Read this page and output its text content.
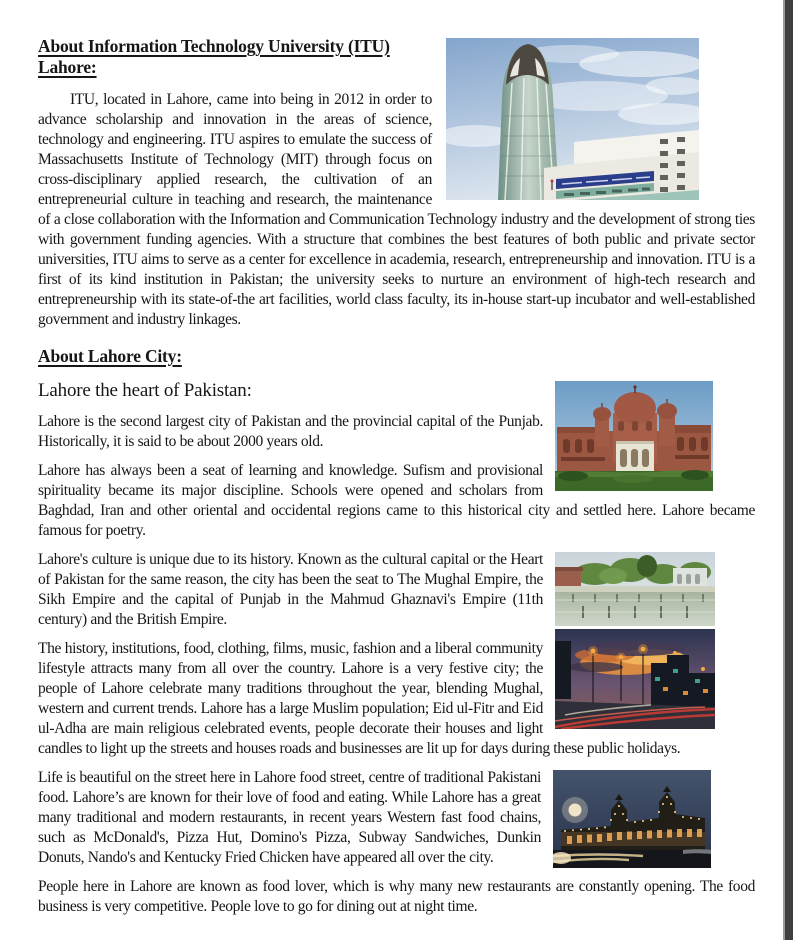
About Information Technology University (ITU) Lahore:

ITU, located in Lahore, came into being in 2012 in order to advance scholarship and innovation in the areas of science, technology and engineering. ITU aspires to emulate the success of Massachusetts Institute of Technology (MIT) through focus on cross-disciplinary applied research, the cultivation of an entrepreneurial culture in teaching and research, the maintenance of a close collaboration with the Information and Communication Technology industry and the development of strong ties with government funding agencies. With a structure that combines the best features of both public and private sector universities, ITU aims to serve as a center for excellence in academia, research, entrepreneurship and innovation. ITU is a first of its kind institution in Pakistan; the university seeks to nurture an environment of high-tech research and entrepreneurship with its state-of-the art facilities, world class faculty, its in-house start-up incubator and well-established government and industry linkages.

About Lahore City:
Lahore the heart of Pakistan:

Lahore is the second largest city of Pakistan and the provincial capital of the Punjab. Historically, it is said to be about 2000 years old.

Lahore has always been a seat of learning and knowledge. Sufism and provisional spirituality became its major discipline. Schools were opened and scholars from Baghdad, Iran and other oriental and occidental regions came to this historical city and settled here. Lahore became famous for poetry.

Lahore's culture is unique due to its history. Known as the cultural capital or the Heart of Pakistan for the same reason, the city has been the seat to The Mughal Empire, the Sikh Empire and the capital of Punjab in the Mahmud Ghaznavi's Empire (11th century) and the British Empire.

The history, institutions, food, clothing, films, music, fashion and a liberal community lifestyle attracts many from all over the country. Lahore is a very festive city; the people of Lahore celebrate many traditions throughout the year, blending Mughal, western and current trends. Lahore has a large Muslim population; Eid ul-Fitr and Eid ul-Adha are main religious celebrated events, people decorate their houses and light candles to light up the streets and houses roads and businesses are lit up for days during these public holidays.

Life is beautiful on the street here in Lahore food street, centre of traditional Pakistani food. Lahore’s are known for their love of food and eating. While Lahore has a great many traditional and modern restaurants, in recent years Western fast food chains, such as McDonald's, Pizza Hut, Domino's Pizza, Subway Sandwiches, Dunkin Donuts, Nando's and Kentucky Fried Chicken have appeared all over the city.

People here in Lahore are known as food lover, which is why many new restaurants are constantly opening. The food business is very competitive. People love to go for dining out at night time.
